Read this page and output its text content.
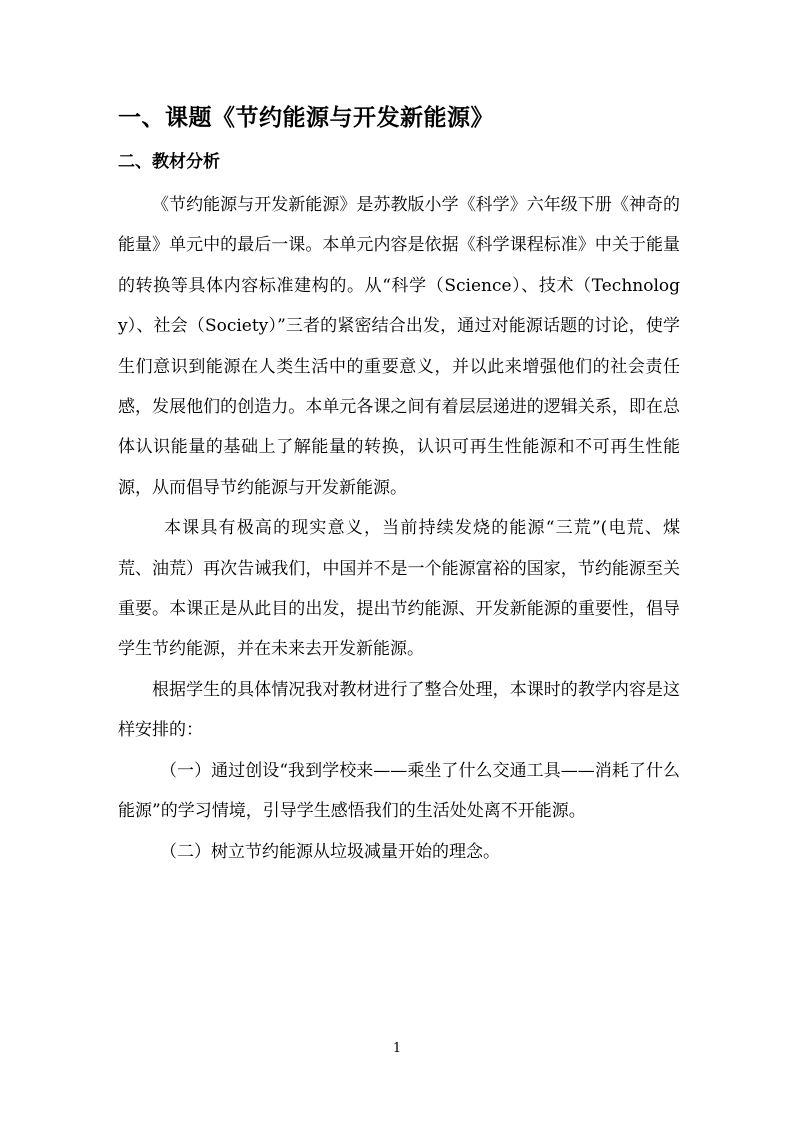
一、课题《节约能源与开发新能源》
二、教材分析

《节约能源与开发新能源》是苏教版小学《科学》六年级下册《神奇的能量》单元中的最后一课。本单元内容是依据《科学课程标准》中关于能量的转换等具体内容标准建构的。从“科学（Science）、技术（Technology）、社会（Society）”三者的紧密结合出发，通过对能源话题的讨论，使学生们意识到能源在人类生活中的重要意义，并以此来增强他们的社会责任感，发展他们的创造力。本单元各课之间有着层层递进的逻辑关系，即在总体认识能量的基础上了解能量的转换，认识可再生性能源和不可再生性能源，从而倡导节约能源与开发新能源。

本课具有极高的现实意义，当前持续发烧的能源“三荒”(电荒、煤荒、油荒）再次告诫我们，中国并不是一个能源富裕的国家，节约能源至关重要。本课正是从此目的出发，提出节约能源、开发新能源的重要性，倡导学生节约能源，并在未来去开发新能源。

根据学生的具体情况我对教材进行了整合处理，本课时的教学内容是这样安排的：

（一）通过创设“我到学校来——乘坐了什么交通工具——消耗了什么能源”的学习情境，引导学生感悟我们的生活处处离不开能源。

（二）树立节约能源从垃圾减量开始的理念。

1
